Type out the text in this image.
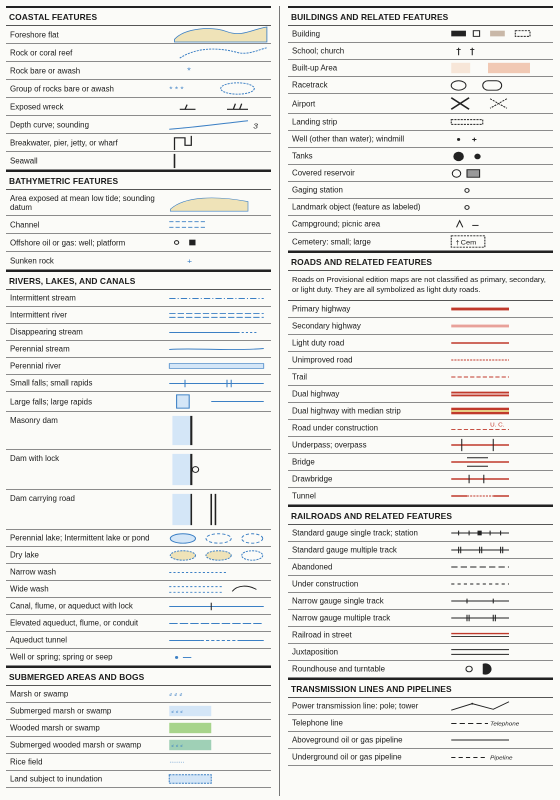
COASTAL FEATURES
Foreshore flat
Rock or coral reef
Rock bare or awash	*
Group of rocks bare or awash	* * *
Exposed wreck
Depth curve; sounding	3
Breakwater, pier, jetty, or wharf
Seawall
BATHYMETRIC FEATURES
Area exposed at mean low tide; sounding datum
Channel
Offshore oil or gas: well; platform
Sunken rock	+
RIVERS, LAKES, AND CANALS
Intermittent stream
Intermittent river
Disappearing stream
Perennial stream
Perennial river
Small falls; small rapids
Large falls; large rapids
Masonry dam
Dam with lock
Dam carrying road
Perennial lake; Intermittent lake or pond
Dry lake
Narrow wash
Wide wash
Canal, flume, or aqueduct with lock
Elevated aqueduct, flume, or conduit
Aqueduct tunnel
Well or spring; spring or seep
SUBMERGED AREAS AND BOGS
Marsh or swamp	⸗ ⸗ ⸗
Submerged marsh or swamp	⸗ ⸗ ⸗
Wooded marsh or swamp
Submerged wooded marsh or swamp	⸗ ⸗ ⸗
Rice field	ᐧᐧᐧᐧᐧᐧᐧᐧ
Land subject to inundation
BUILDINGS AND RELATED FEATURES
Building
School; church
Built-up Area
Racetrack
Airport
Landing strip
Well (other than water); windmill
Tanks
Covered reservoir
Gaging station
Landmark object (feature as labeled)
Campground; picnic area
Cemetery: small; large	† Cem
ROADS AND RELATED FEATURES
Roads on Provisional edition maps are not classified as primary, secondary, or light duty. They are all symbolized as light duty roads.
Primary highway
Secondary highway
Light duty road
Unimproved road
Trail
Dual highway
Dual highway with median strip
Road under construction	U. C.
Underpass; overpass
Bridge
Drawbridge
Tunnel
RAILROADS AND RELATED FEATURES
Standard gauge single track; station
Standard gauge multiple track
Abandoned
Under construction
Narrow gauge single track
Narrow gauge multiple track
Railroad in street
Juxtaposition
Roundhouse and turntable
TRANSMISSION LINES AND PIPELINES
Power transmission line: pole; tower
Telephone line	Telephone
Aboveground oil or gas pipeline
Underground oil or gas pipeline	Pipeline
